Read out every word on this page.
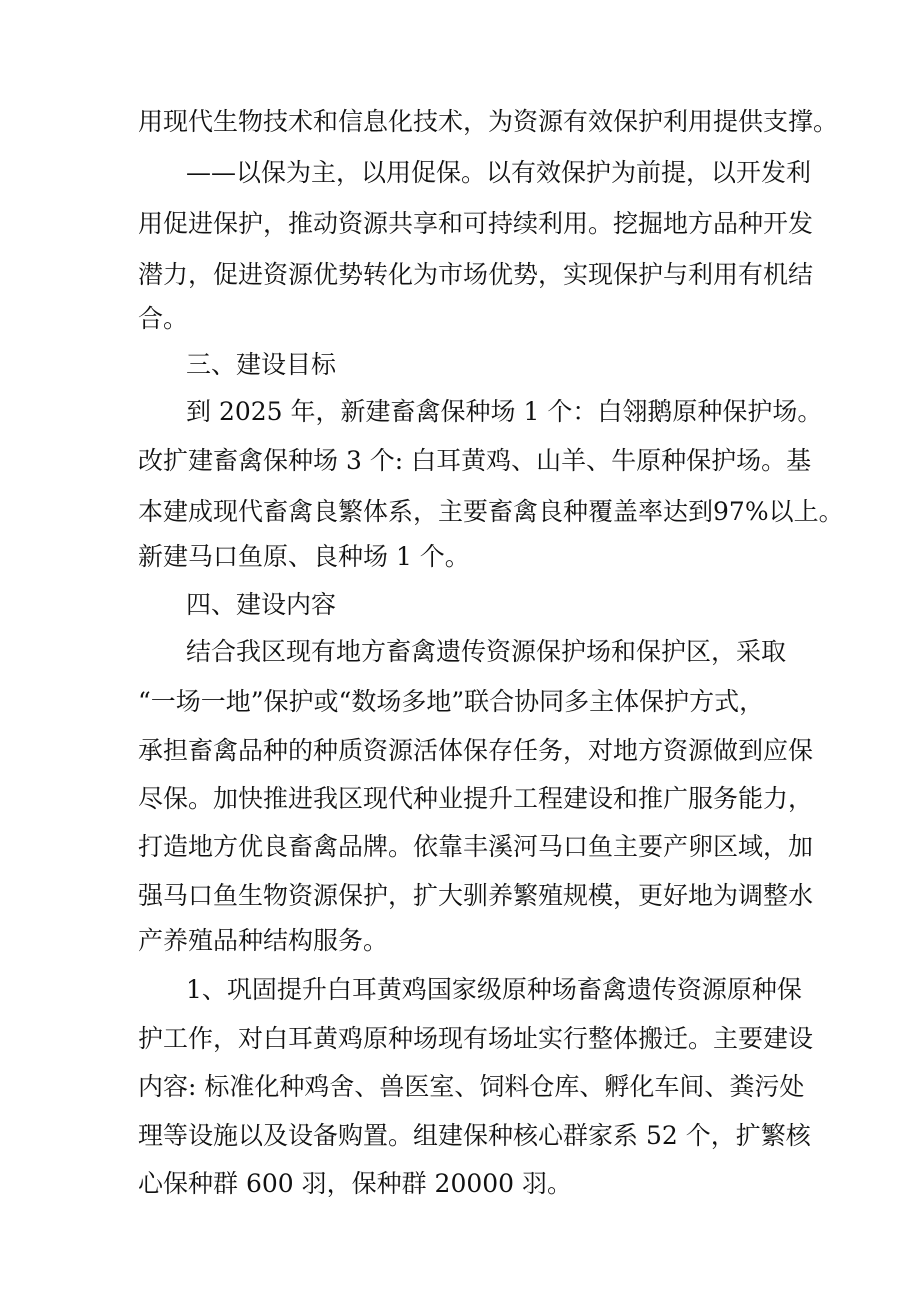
用现代生物技术和信息化技术，为资源有效保护利用提供支撑。

——以保为主，以用促保。以有效保护为前提，以开发利

用促进保护，推动资源共享和可持续利用。挖掘地方品种开发

潜力，促进资源优势转化为市场优势，实现保护与利用有机结

合。

三、建设目标

到 2025 年，新建畜禽保种场 1 个：白翎鹅原种保护场。

改扩建畜禽保种场 3 个: 白耳黄鸡、山羊、牛原种保护场。基

本建成现代畜禽良繁体系，主要畜禽良种覆盖率达到97%以上。

新建马口鱼原、良种场 1 个。

四、建设内容

结合我区现有地方畜禽遗传资源保护场和保护区，采取

“一场一地”保护或“数场多地”联合协同多主体保护方式，

承担畜禽品种的种质资源活体保存任务，对地方资源做到应保

尽保。加快推进我区现代种业提升工程建设和推广服务能力，

打造地方优良畜禽品牌。依靠丰溪河马口鱼主要产卵区域，加

强马口鱼生物资源保护，扩大驯养繁殖规模，更好地为调整水

产养殖品种结构服务。

1、巩固提升白耳黄鸡国家级原种场畜禽遗传资源原种保

护工作，对白耳黄鸡原种场现有场址实行整体搬迁。主要建设

内容: 标准化种鸡舍、兽医室、饲料仓库、孵化车间、粪污处

理等设施以及设备购置。组建保种核心群家系 52 个，扩繁核

心保种群 600 羽，保种群 20000 羽。
